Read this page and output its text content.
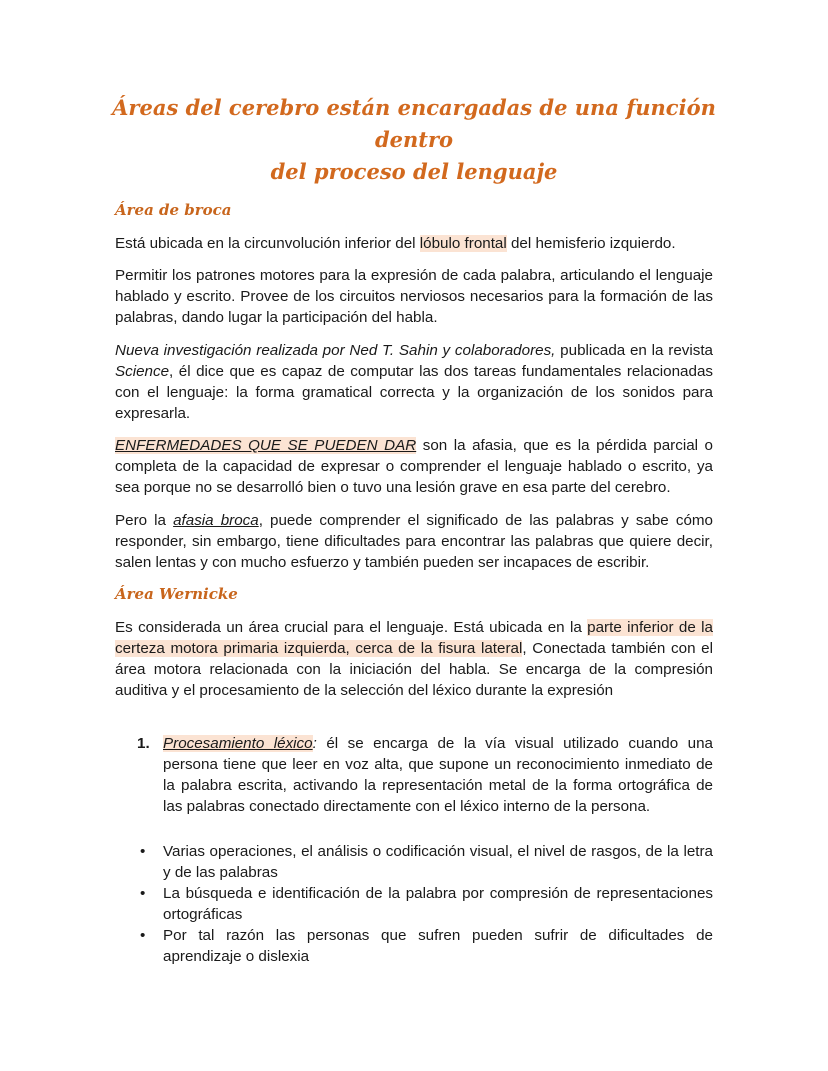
Áreas del cerebro están encargadas de una función dentro
del proceso del lenguaje
Área de broca

Está ubicada en la circunvolución inferior del lóbulo frontal del hemisferio izquierdo.

Permitir los patrones motores para la expresión de cada palabra, articulando el lenguaje hablado y escrito. Provee de los circuitos nerviosos necesarios para la formación de las palabras, dando lugar la participación del habla.

Nueva investigación realizada por Ned T. Sahin y colaboradores, publicada en la revista Science, él dice que es capaz de computar las dos tareas fundamentales relacionadas con el lenguaje: la forma gramatical correcta y la organización de los sonidos para expresarla.

ENFERMEDADES QUE SE PUEDEN DAR son la afasia, que es la pérdida parcial o completa de la capacidad de expresar o comprender el lenguaje hablado o escrito, ya sea porque no se desarrolló bien o tuvo una lesión grave en esa parte del cerebro.

Pero la afasia broca, puede comprender el significado de las palabras y sabe cómo responder, sin embargo, tiene dificultades para encontrar las palabras que quiere decir, salen lentas y con mucho esfuerzo y también pueden ser incapaces de escribir.

Área Wernicke

Es considerada un área crucial para el lenguaje. Está ubicada en la parte inferior de la certeza motora primaria izquierda, cerca de la fisura lateral, Conectada también con el área motora relacionada con la iniciación del habla. Se encarga de la compresión auditiva y el procesamiento de la selección del léxico durante la expresión

1. Procesamiento léxico: él se encarga de la vía visual utilizado cuando una persona tiene que leer en voz alta, que supone un reconocimiento inmediato de la palabra escrita, activando la representación metal de la forma ortográfica de las palabras conectado directamente con el léxico interno de la persona.
• Varias operaciones, el análisis o codificación visual, el nivel de rasgos, de la letra y de las palabras
• La búsqueda e identificación de la palabra por compresión de representaciones ortográficas
• Por tal razón las personas que sufren pueden sufrir de dificultades de aprendizaje o dislexia
